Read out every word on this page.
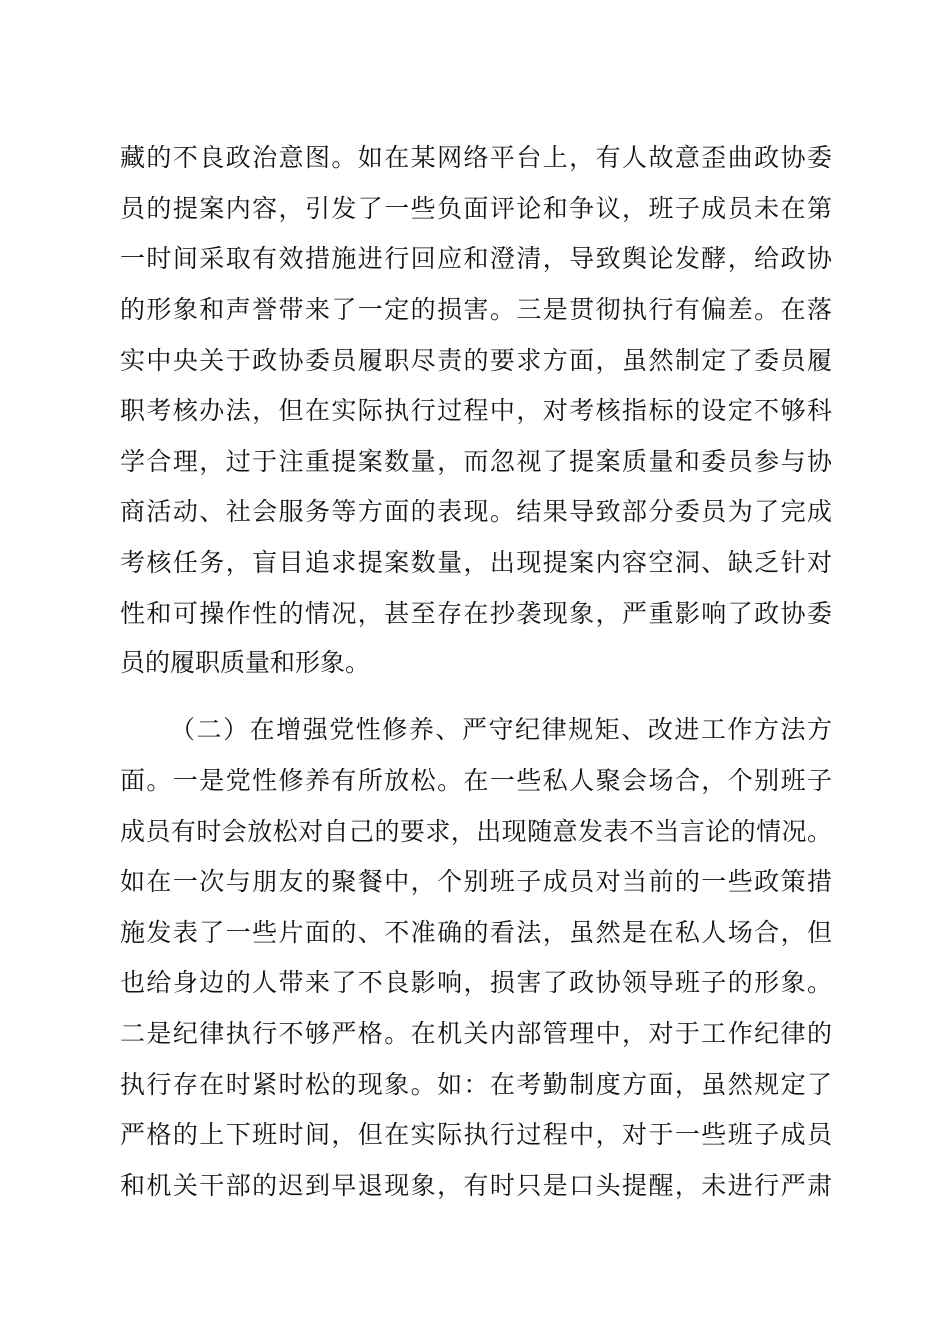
藏的不良政治意图。如在某网络平台上，有人故意歪曲政协委
员的提案内容，引发了一些负面评论和争议，班子成员未在第
一时间采取有效措施进行回应和澄清，导致舆论发酵，给政协
的形象和声誉带来了一定的损害。三是贯彻执行有偏差。在落
实中央关于政协委员履职尽责的要求方面，虽然制定了委员履
职考核办法，但在实际执行过程中，对考核指标的设定不够科
学合理，过于注重提案数量，而忽视了提案质量和委员参与协
商活动、社会服务等方面的表现。结果导致部分委员为了完成
考核任务，盲目追求提案数量，出现提案内容空洞、缺乏针对
性和可操作性的情况，甚至存在抄袭现象，严重影响了政协委
员的履职质量和形象。
（二）在增强党性修养、严守纪律规矩、改进工作方法方
面。一是党性修养有所放松。在一些私人聚会场合，个别班子
成员有时会放松对自己的要求，出现随意发表不当言论的情况。
如在一次与朋友的聚餐中，个别班子成员对当前的一些政策措
施发表了一些片面的、不准确的看法，虽然是在私人场合，但
也给身边的人带来了不良影响，损害了政协领导班子的形象。
二是纪律执行不够严格。在机关内部管理中，对于工作纪律的
执行存在时紧时松的现象。如：在考勤制度方面，虽然规定了
严格的上下班时间，但在实际执行过程中，对于一些班子成员
和机关干部的迟到早退现象，有时只是口头提醒，未进行严肃
